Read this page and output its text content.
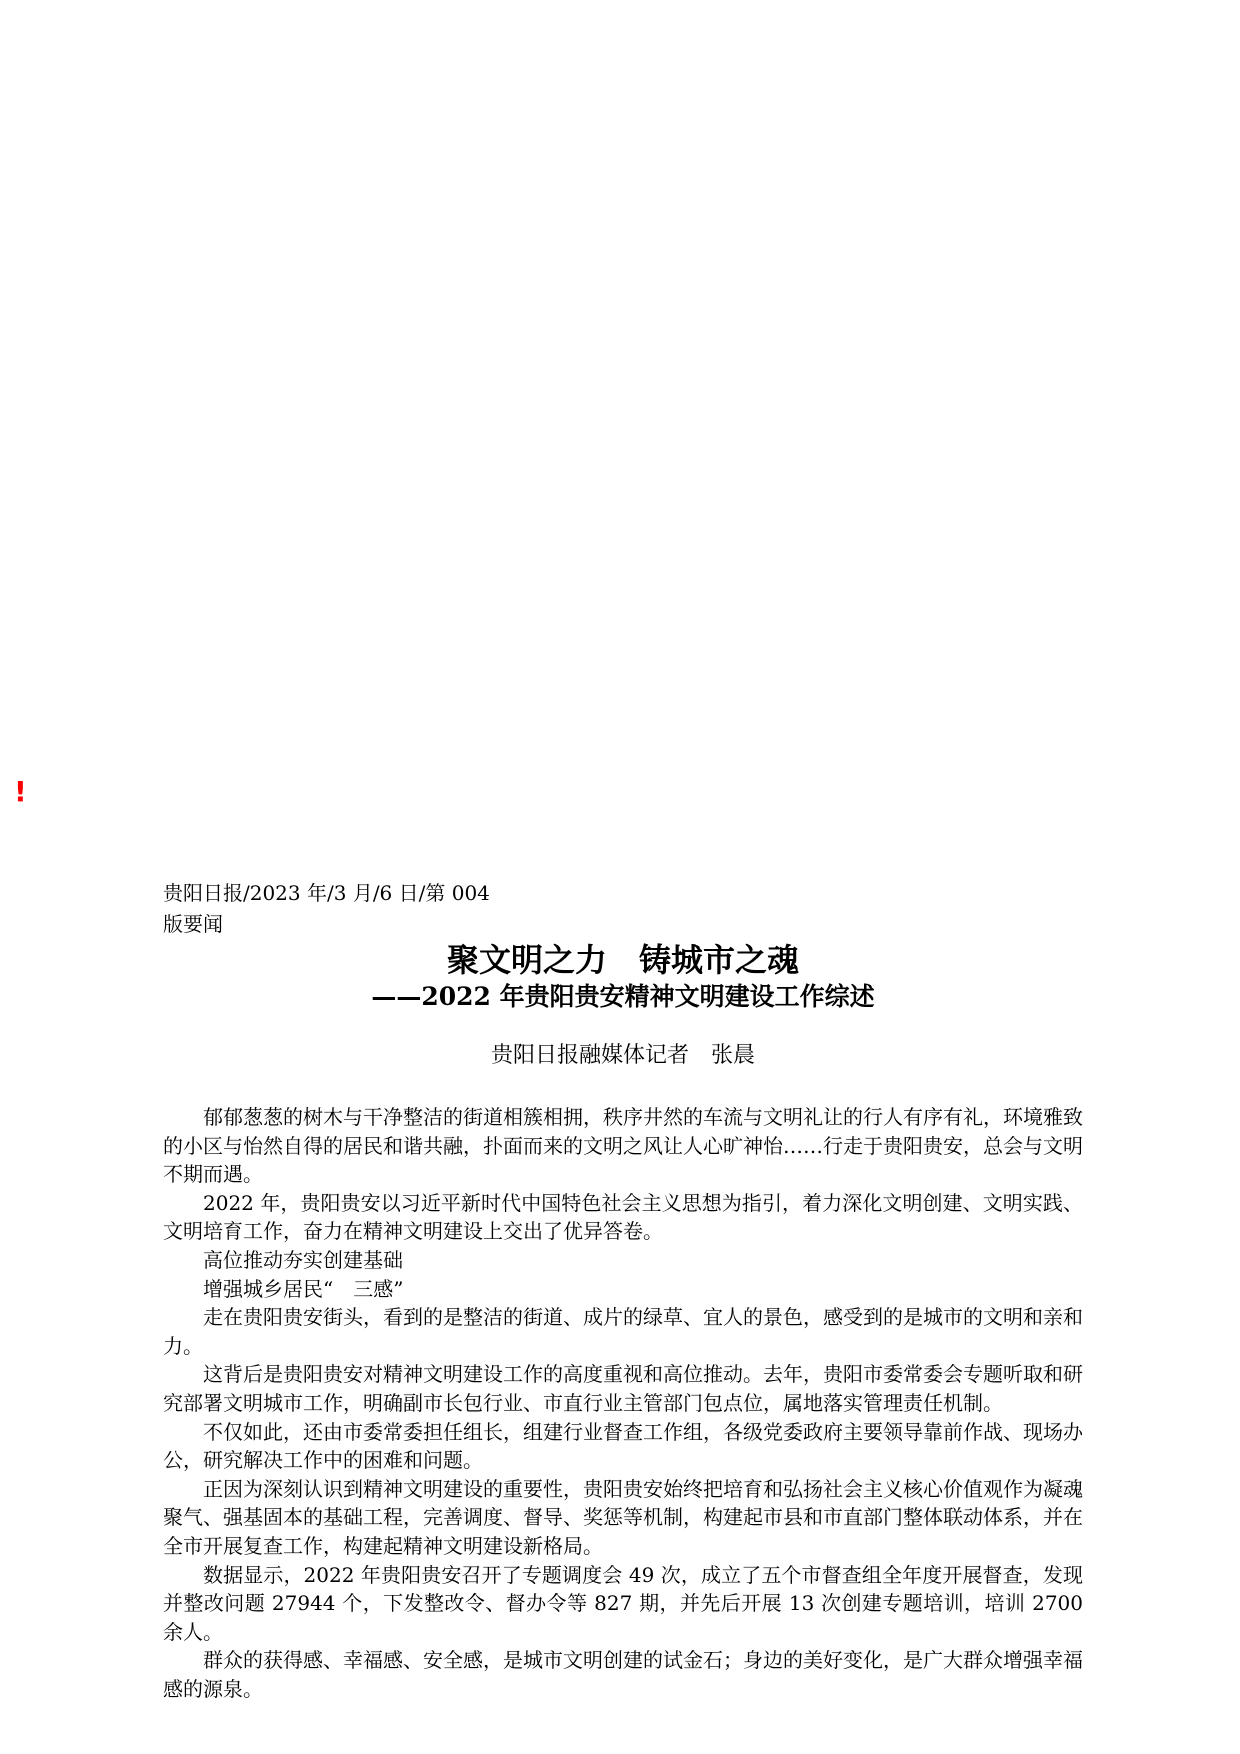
!
贵阳日报/2023 年/3 月/6 日/第 004
版要闻
聚文明之力　铸城市之魂
——2022 年贵阳贵安精神文明建设工作综述
贵阳日报融媒体记者　张晨

郁郁葱葱的树木与干净整洁的街道相簇相拥，秩序井然的车流与文明礼让的行人有序有礼，环境雅致的小区与怡然自得的居民和谐共融，扑面而来的文明之风让人心旷神怡……行走于贵阳贵安，总会与文明不期而遇。

2022 年，贵阳贵安以习近平新时代中国特色社会主义思想为指引，着力深化文明创建、文明实践、文明培育工作，奋力在精神文明建设上交出了优异答卷。

高位推动夯实创建基础

增强城乡居民“　三感”

走在贵阳贵安街头，看到的是整洁的街道、成片的绿草、宜人的景色，感受到的是城市的文明和亲和力。

这背后是贵阳贵安对精神文明建设工作的高度重视和高位推动。去年，贵阳市委常委会专题听取和研究部署文明城市工作，明确副市长包行业、市直行业主管部门包点位，属地落实管理责任机制。

不仅如此，还由市委常委担任组长，组建行业督查工作组，各级党委政府主要领导靠前作战、现场办公，研究解决工作中的困难和问题。

正因为深刻认识到精神文明建设的重要性，贵阳贵安始终把培育和弘扬社会主义核心价值观作为凝魂聚气、强基固本的基础工程，完善调度、督导、奖惩等机制，构建起市县和市直部门整体联动体系，并在全市开展复查工作，构建起精神文明建设新格局。

数据显示，2022 年贵阳贵安召开了专题调度会 49 次，成立了五个市督查组全年度开展督查，发现并整改问题 27944 个，下发整改令、督办令等 827 期，并先后开展 13 次创建专题培训，培训 2700 余人。

群众的获得感、幸福感、安全感，是城市文明创建的试金石；身边的美好变化，是广大群众增强幸福感的源泉。
